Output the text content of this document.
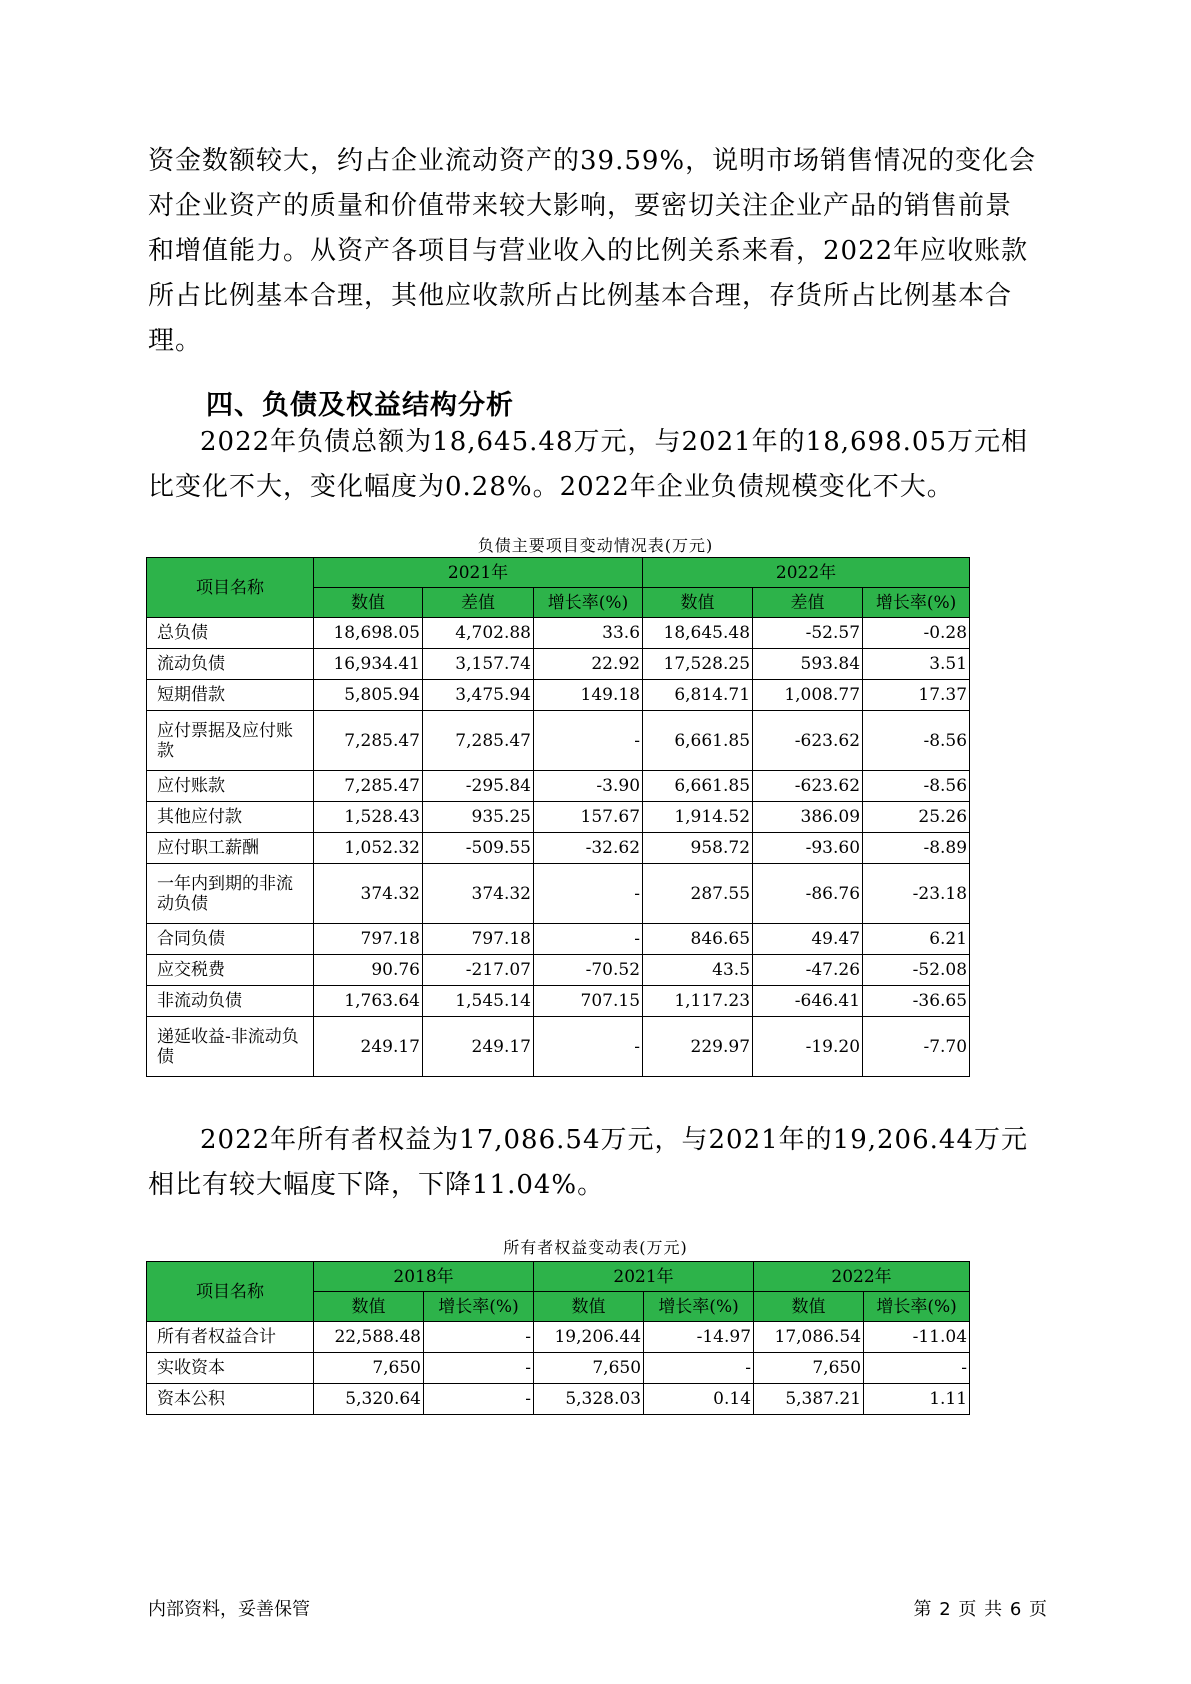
资金数额较大，约占企业流动资产的39.59%，说明市场销售情况的变化会
对企业资产的质量和价值带来较大影响，要密切关注企业产品的销售前景
和增值能力。从资产各项目与营业收入的比例关系来看，2022年应收账款
所占比例基本合理，其他应收款所占比例基本合理，存货所占比例基本合
理。
四、负债及权益结构分析

2022年负债总额为18,645.48万元，与2021年的18,698.05万元相比变化不大，变化幅度为0.28%。2022年企业负债规模变化不大。

负债主要项目变动情况表(万元)

项目名称	2021年			2022年		
	数值	差值	增长率(%)	数值	差值	增长率(%)
总负债	18,698.05	4,702.88	33.6	18,645.48	-52.57	-0.28
流动负债	16,934.41	3,157.74	22.92	17,528.25	593.84	3.51
短期借款	5,805.94	3,475.94	149.18	6,814.71	1,008.77	17.37
应付票据及应付账款	7,285.47	7,285.47	-	6,661.85	-623.62	-8.56
应付账款	7,285.47	-295.84	-3.90	6,661.85	-623.62	-8.56
其他应付款	1,528.43	935.25	157.67	1,914.52	386.09	25.26
应付职工薪酬	1,052.32	-509.55	-32.62	958.72	-93.60	-8.89
一年内到期的非流动负债	374.32	374.32	-	287.55	-86.76	-23.18
合同负债	797.18	797.18	-	846.65	49.47	6.21
应交税费	90.76	-217.07	-70.52	43.5	-47.26	-52.08
非流动负债	1,763.64	1,545.14	707.15	1,117.23	-646.41	-36.65
递延收益-非流动负债	249.17	249.17	-	229.97	-19.20	-7.70

2022年所有者权益为17,086.54万元，与2021年的19,206.44万元相比有较大幅度下降，下降11.04%。

所有者权益变动表(万元)

项目名称	2018年		2021年		2022年	
	数值	增长率(%)	数值	增长率(%)	数值	增长率(%)
所有者权益合计	22,588.48	-	19,206.44	-14.97	17,086.54	-11.04
实收资本	7,650	-	7,650	-	7,650	-
资本公积	5,320.64	-	5,328.03	0.14	5,387.21	1.11

内部资料，妥善保管	第 2 页 共 6 页
